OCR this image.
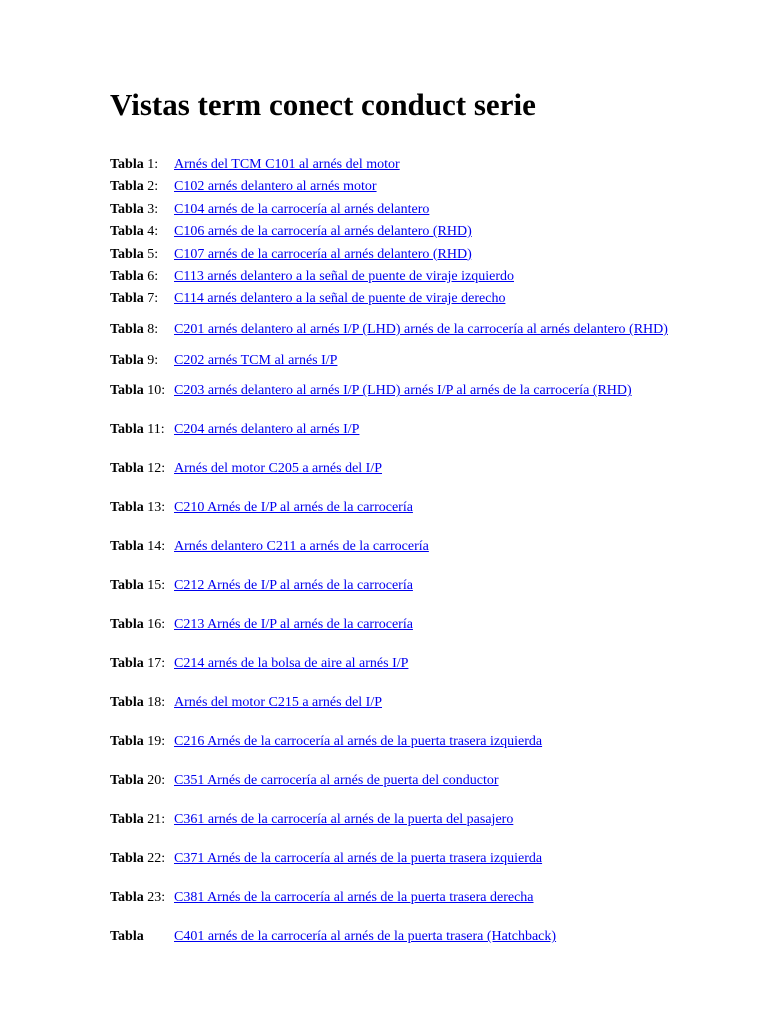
Vistas term conect conduct serie
Tabla 1:	Arnés del TCM C101 al arnés del motor
Tabla 2:	C102 arnés delantero al arnés motor
Tabla 3:	C104 arnés de la carrocería al arnés delantero
Tabla 4:	C106 arnés de la carrocería al arnés delantero (RHD)
Tabla 5:	C107 arnés de la carrocería al arnés delantero (RHD)
Tabla 6:	C113 arnés delantero a la señal de puente de viraje izquierdo
Tabla 7:	C114 arnés delantero a la señal de puente de viraje derecho
Tabla 8:	C201 arnés delantero al arnés I/P (LHD) arnés de la carrocería al arnés delantero (RHD)
Tabla 9:	C202 arnés TCM al arnés I/P
Tabla 10:	C203 arnés delantero al arnés I/P (LHD) arnés I/P al arnés de la carrocería (RHD)
Tabla 11:	C204 arnés delantero al arnés I/P
Tabla 12:	Arnés del motor C205 a arnés del I/P
Tabla 13:	C210 Arnés de I/P al arnés de la carrocería
Tabla 14:	Arnés delantero C211 a arnés de la carrocería
Tabla 15:	C212 Arnés de I/P al arnés de la carrocería
Tabla 16:	C213 Arnés de I/P al arnés de la carrocería
Tabla 17:	C214 arnés de la bolsa de aire al arnés I/P
Tabla 18:	Arnés del motor C215 a arnés del I/P
Tabla 19:	C216 Arnés de la carrocería al arnés de la puerta trasera izquierda
Tabla 20:	C351 Arnés de carrocería al arnés de puerta del conductor
Tabla 21:	C361 arnés de la carrocería al arnés de la puerta del pasajero
Tabla 22:	C371 Arnés de la carrocería al arnés de la puerta trasera izquierda
Tabla 23:	C381 Arnés de la carrocería al arnés de la puerta trasera derecha
Tabla	C401 arnés de la carrocería al arnés de la puerta trasera (Hatchback)
